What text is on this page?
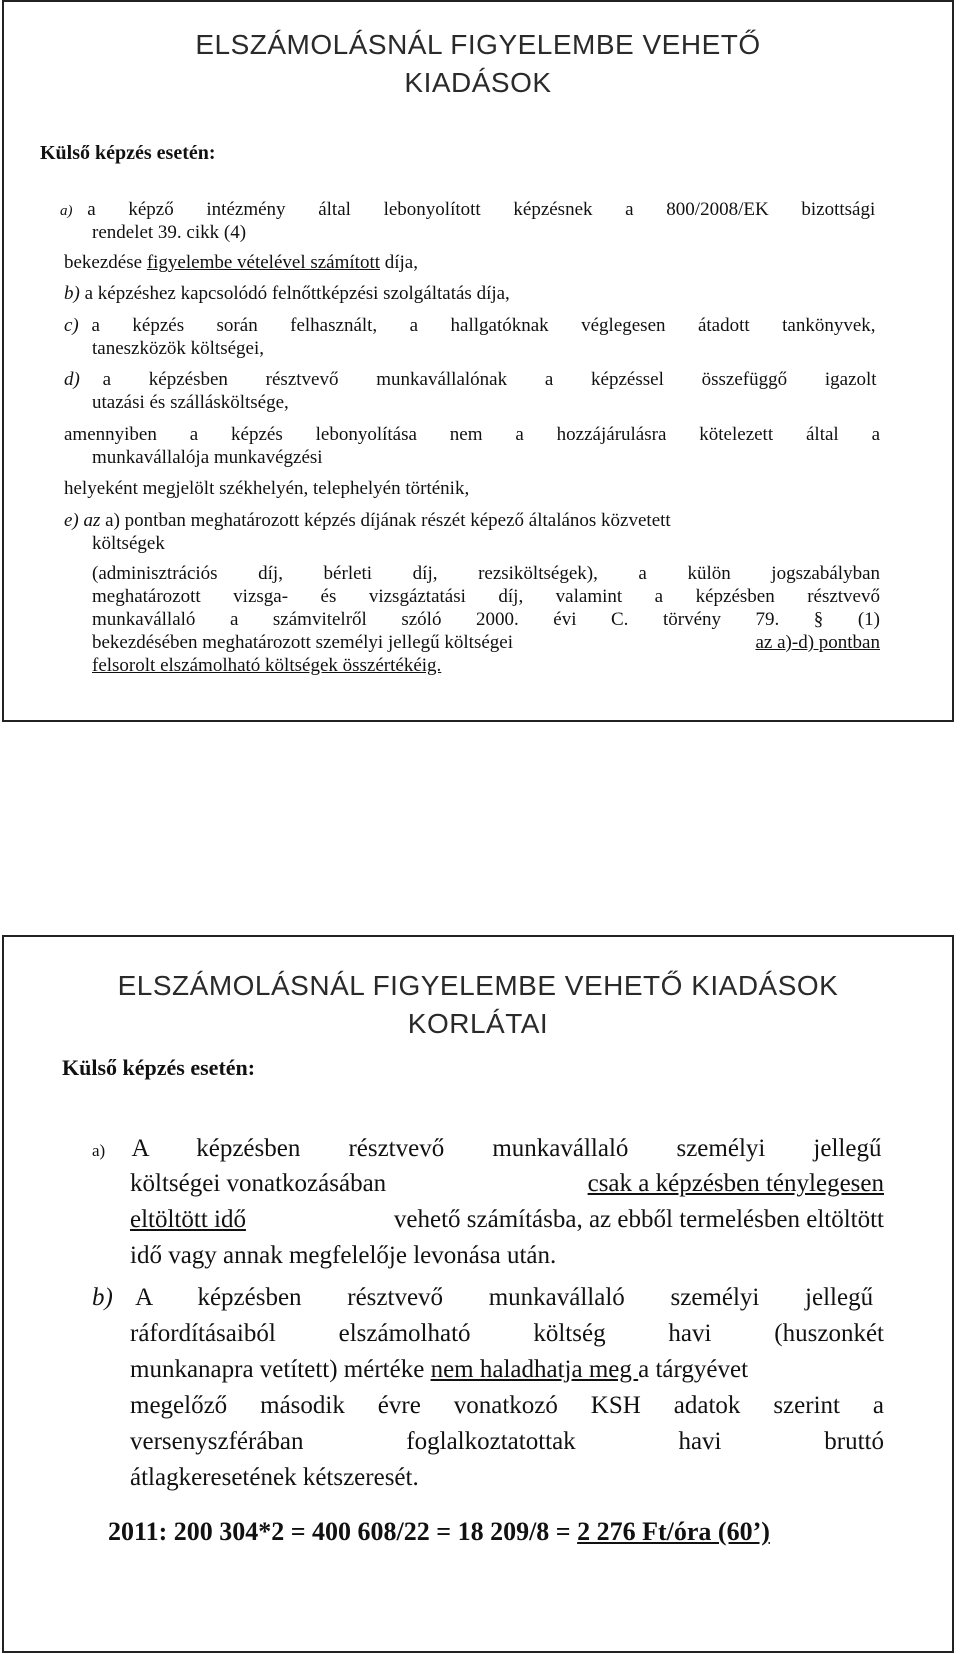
ELSZÁMOLÁSNÁL FIGYELEMBE VEHETŐ
KIADÁSOK
Külső képzés esetén:
a) a képző intézmény által lebonyolított képzésnek a 800/2008/EK bizottsági
rendelet 39. cikk (4)
bekezdése figyelembe vételével számított díja,
b) a képzéshez kapcsolódó felnőttképzési szolgáltatás díja,
c) a képzés során felhasznált, a hallgatóknak véglegesen átadott tankönyvek,
taneszközök költségei,
d) a képzésben résztvevő munkavállalónak a képzéssel összefüggő igazolt
utazási és szállásköltsége,
amennyiben a képzés lebonyolítása nem a hozzájárulásra kötelezett által a
munkavállalója munkavégzési
helyeként megjelölt székhelyén, telephelyén történik,
e) az a) pontban meghatározott képzés díjának részét képező általános közvetett
költségek
(adminisztrációs díj, bérleti díj, rezsiköltségek), a külön jogszabályban
meghatározott vizsga- és vizsgáztatási díj, valamint a képzésben résztvevő
munkavállaló a számvitelről szóló 2000. évi C. törvény 79. § (1)
bekezdésében meghatározott személyi jellegű költségei	az a)-d) pontban
felsorolt elszámolható költségek összértékéig.
ELSZÁMOLÁSNÁL FIGYELEMBE VEHETŐ KIADÁSOK
KORLÁTAI
Külső képzés esetén:
a) A képzésben résztvevő munkavállaló személyi jellegű
költségei vonatkozásában	csak a képzésben ténylegesen
eltöltött idő	vehető számításba, az ebből termelésben eltöltött
idő vagy annak megfelelője levonása után.
b) A képzésben résztvevő munkavállaló személyi jellegű
ráfordításaiból elszámolható költség havi (huszonkét
munkanapra vetített) mértéke nem haladhatja meg a tárgyévet
megelőző második évre vonatkozó KSH adatok szerint a
versenyszférában foglalkoztatottak havi bruttó
átlagkeresetének kétszeresét.
2011: 200 304*2 = 400 608/22 = 18 209/8 = 2 276 Ft/óra (60’)
